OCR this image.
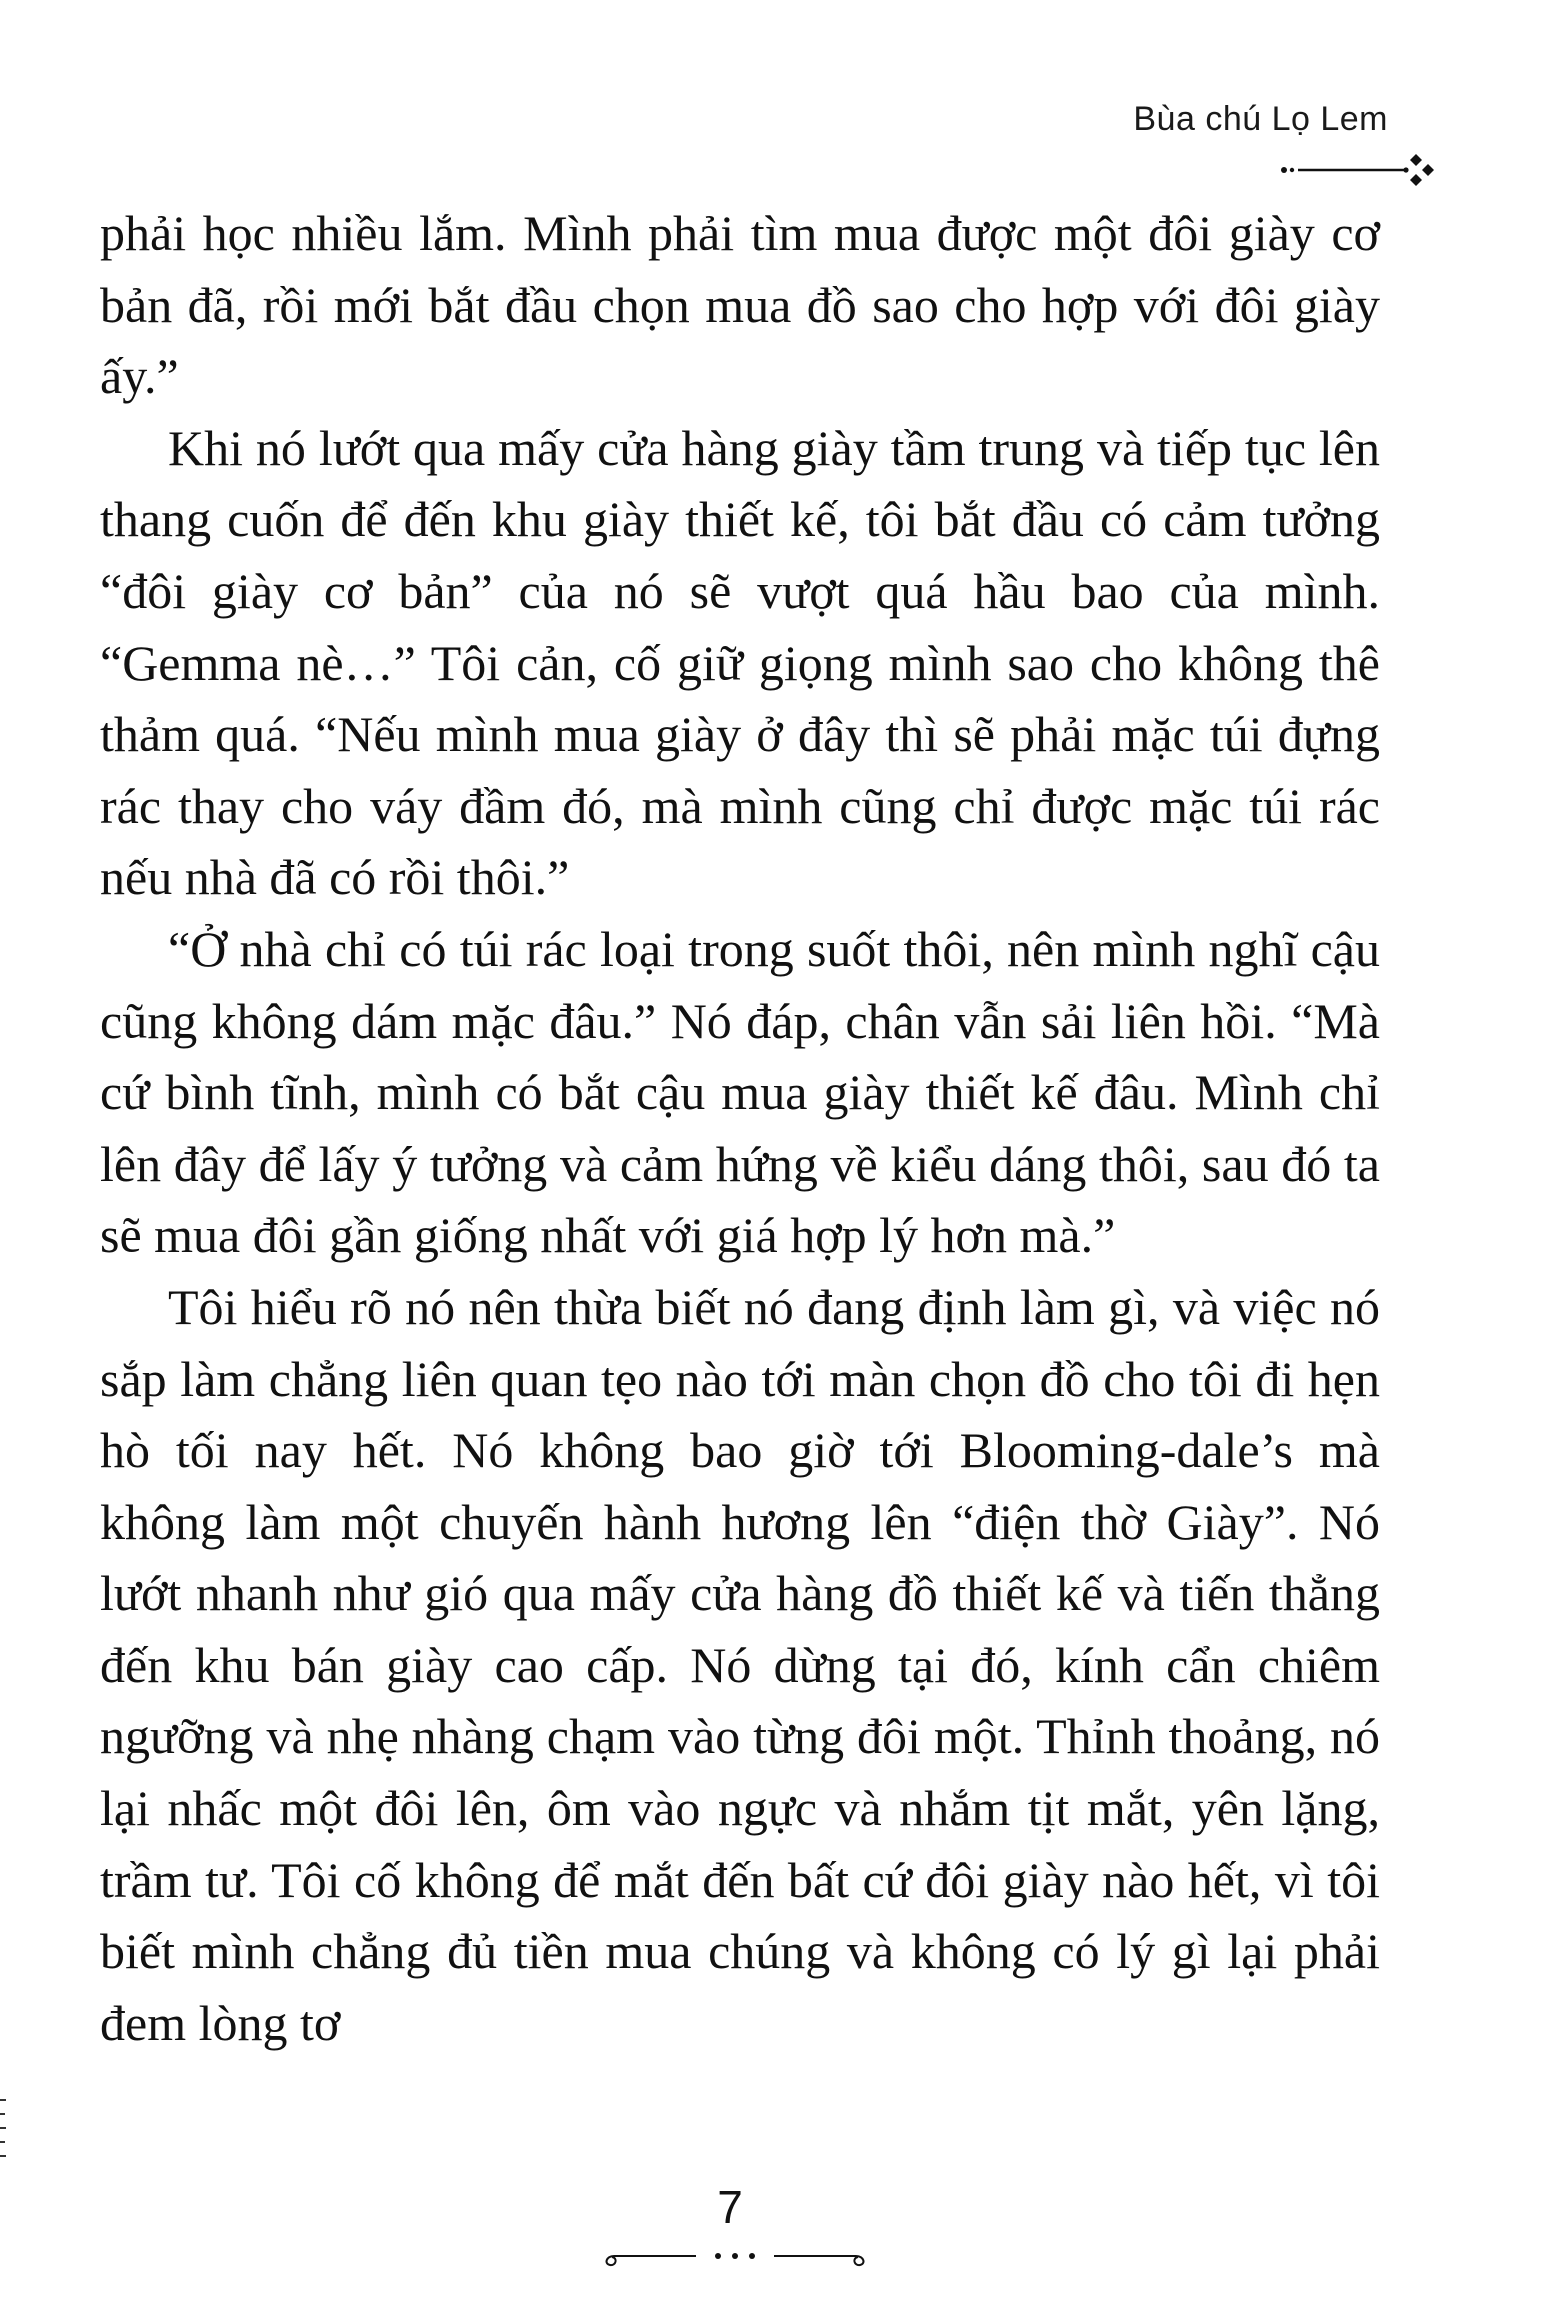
Bùa chú Lọ Lem

phải học nhiều lắm. Mình phải tìm mua được một đôi giày cơ bản đã, rồi mới bắt đầu chọn mua đồ sao cho hợp với đôi giày ấy.”

Khi nó lướt qua mấy cửa hàng giày tầm trung và tiếp tục lên thang cuốn để đến khu giày thiết kế, tôi bắt đầu có cảm tưởng “đôi giày cơ bản” của nó sẽ vượt quá hầu bao của mình. “Gemma nè…” Tôi cản, cố giữ giọng mình sao cho không thê thảm quá. “Nếu mình mua giày ở đây thì sẽ phải mặc túi đựng rác thay cho váy đầm đó, mà mình cũng chỉ được mặc túi rác nếu nhà đã có rồi thôi.”

“Ở nhà chỉ có túi rác loại trong suốt thôi, nên mình nghĩ cậu cũng không dám mặc đâu.” Nó đáp, chân vẫn sải liên hồi. “Mà cứ bình tĩnh, mình có bắt cậu mua giày thiết kế đâu. Mình chỉ lên đây để lấy ý tưởng và cảm hứng về kiểu dáng thôi, sau đó ta sẽ mua đôi gần giống nhất với giá hợp lý hơn mà.”

Tôi hiểu rõ nó nên thừa biết nó đang định làm gì, và việc nó sắp làm chẳng liên quan tẹo nào tới màn chọn đồ cho tôi đi hẹn hò tối nay hết. Nó không bao giờ tới Blooming-dale’s mà không làm một chuyến hành hương lên “điện thờ Giày”. Nó lướt nhanh như gió qua mấy cửa hàng đồ thiết kế và tiến thẳng đến khu bán giày cao cấp. Nó dừng tại đó, kính cẩn chiêm ngưỡng và nhẹ nhàng chạm vào từng đôi một. Thỉnh thoảng, nó lại nhấc một đôi lên, ôm vào ngực và nhắm tịt mắt, yên lặng, trầm tư. Tôi cố không để mắt đến bất cứ đôi giày nào hết, vì tôi biết mình chẳng đủ tiền mua chúng và không có lý gì lại phải đem lòng tơ

7
